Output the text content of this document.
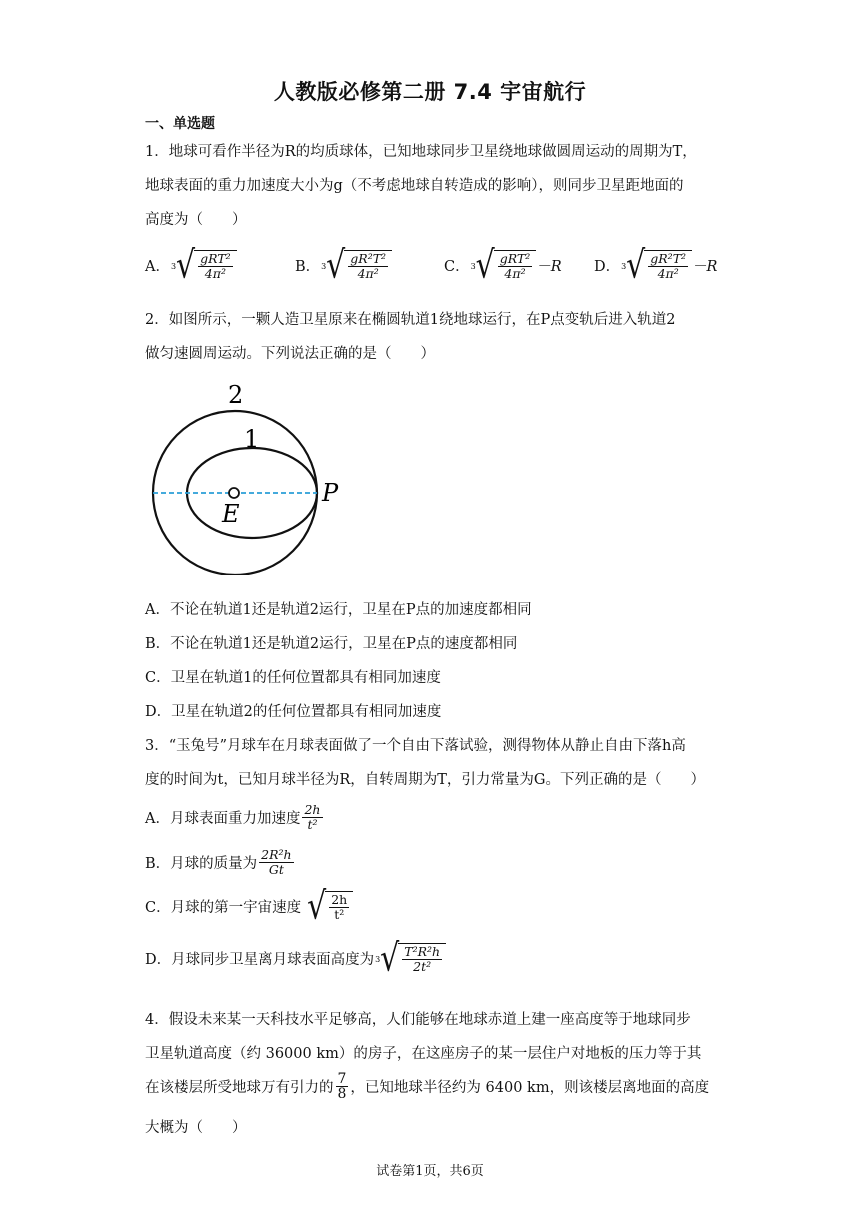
人教版必修第二册 7.4 宇宙航行
一、单选题
1．地球可看作半径为R的均质球体，已知地球同步卫星绕地球做圆周运动的周期为T，
地球表面的重力加速度大小为g（不考虑地球自转造成的影响），则同步卫星距地面的
高度为（　　）
A． 3 √ $\frac{\text{gRT²}}{\text{4π²}}$	B． 3 √ $\frac{\text{gR²T²}}{\text{4π²}}$	C． 3 √ $\frac{\text{gRT²}}{\text{4π²}} -R$ D． 3 √ $\frac{\text{gR²T²}}{\text{4π²}} -R$
2．如图所示，一颗人造卫星原来在椭圆轨道1绕地球运行，在P点变轨后进入轨道2
做匀速圆周运动。下列说法正确的是（　　）
2
1
E
P
A．不论在轨道1还是轨道2运行，卫星在P点的加速度都相同
B．不论在轨道1还是轨道2运行，卫星在P点的速度都相同
C．卫星在轨道1的任何位置都具有相同加速度
D．卫星在轨道2的任何位置都具有相同加速度
3．“玉兔号”月球车在月球表面做了一个自由下落试验，测得物体从静止自由下落h高
度的时间为t，已知月球半径为R，自转周期为T，引力常量为G。下列正确的是（　　）
A．月球表面重力加速度 $\frac{2h}{\text{t²}}$
B．月球的质量为 $\frac{\text{2R²h}}{Gt}$
C．月球的第一宇宙速度 √ $\frac{2h}{\text{t²}}$
D．月球同步卫星离月球表面高度为 3 √ $\frac{\text{T²R²h}}{\text{2t²}}$
4．假设未来某一天科技水平足够高，人们能够在地球赤道上建一座高度等于地球同步
卫星轨道高度（约 36000 km）的房子，在这座房子的某一层住户对地板的压力等于其
在该楼层所受地球万有引力的 $\frac{7}{8}$ ，已知地球半径约为 6400 km，则该楼层离地面的高度
大概为（　　）
试卷第1页，共6页
